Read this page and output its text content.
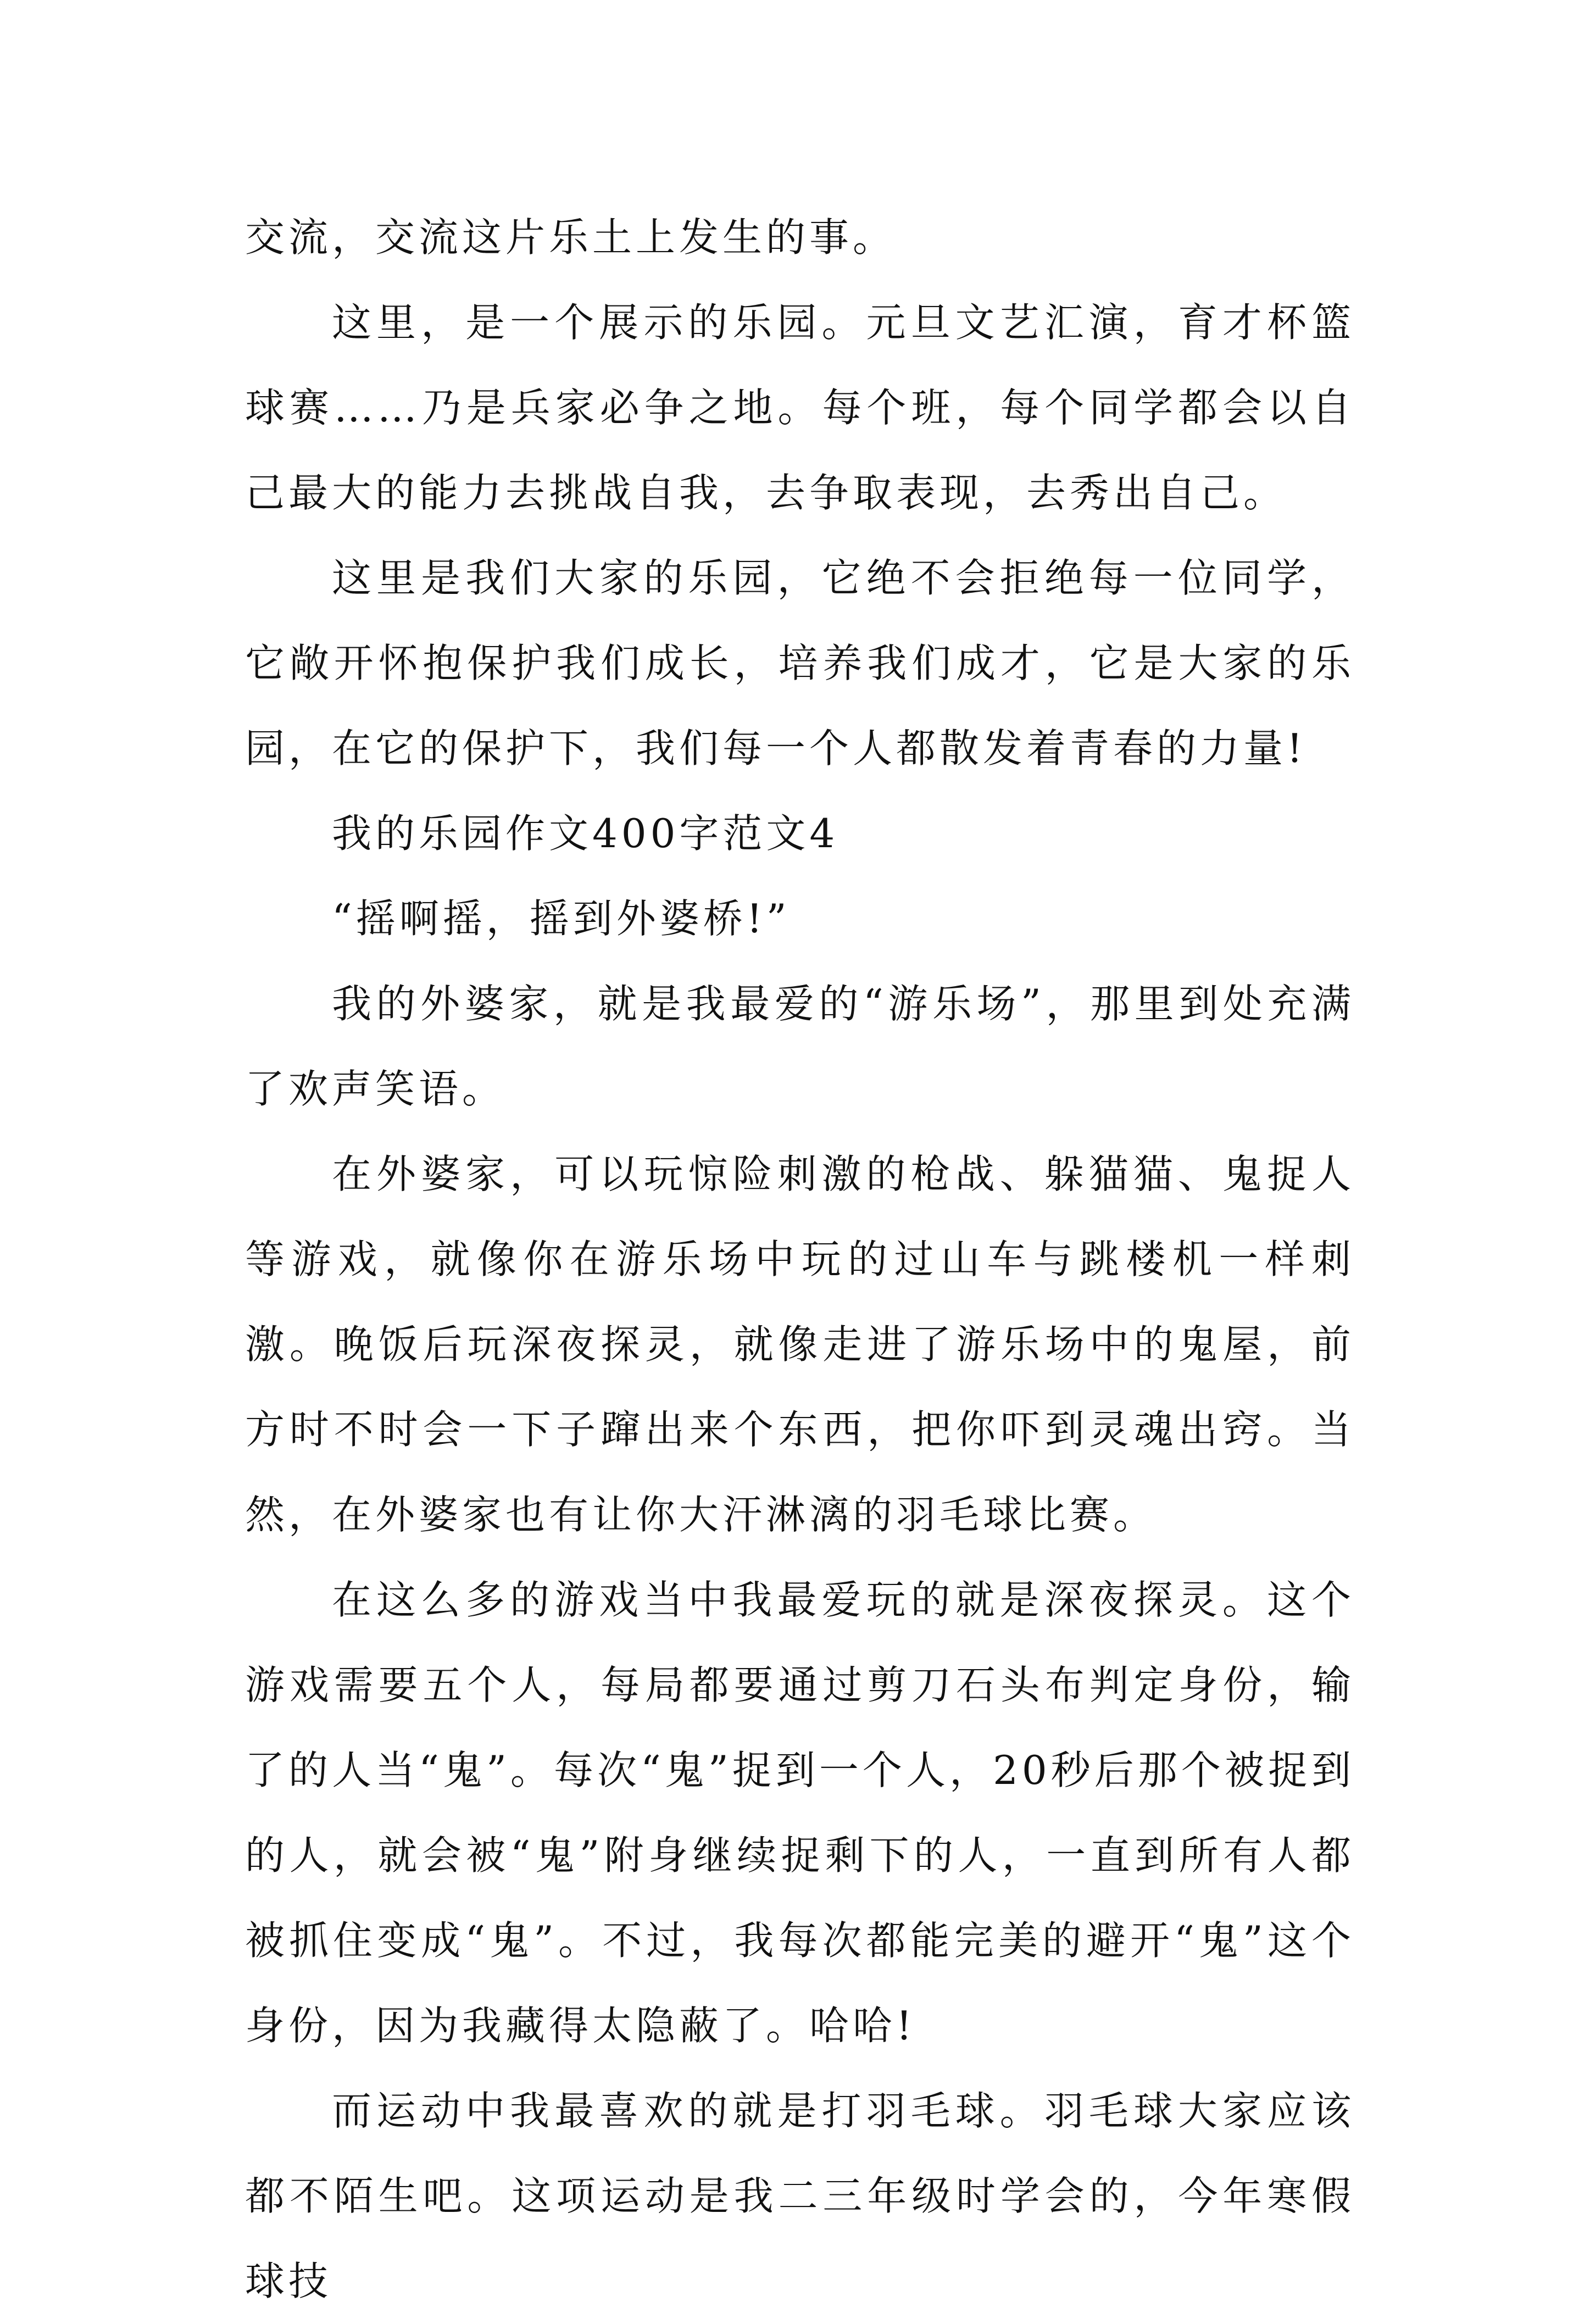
交流，交流这片乐土上发生的事。

这里，是一个展示的乐园。元旦文艺汇演，育才杯篮球赛……乃是兵家必争之地。每个班，每个同学都会以自己最大的能力去挑战自我，去争取表现，去秀出自己。

这里是我们大家的乐园，它绝不会拒绝每一位同学，它敞开怀抱保护我们成长，培养我们成才，它是大家的乐园，在它的保护下，我们每一个人都散发着青春的力量!

我的乐园作文400字范文4

“摇啊摇，摇到外婆桥!”

我的外婆家，就是我最爱的“游乐场”，那里到处充满了欢声笑语。

在外婆家，可以玩惊险刺激的枪战、躲猫猫、鬼捉人等游戏，就像你在游乐场中玩的过山车与跳楼机一样刺激。晚饭后玩深夜探灵，就像走进了游乐场中的鬼屋，前方时不时会一下子蹿出来个东西，把你吓到灵魂出窍。当然，在外婆家也有让你大汗淋漓的羽毛球比赛。

在这么多的游戏当中我最爱玩的就是深夜探灵。这个游戏需要五个人，每局都要通过剪刀石头布判定身份，输了的人当“鬼”。每次“鬼”捉到一个人，20秒后那个被捉到的人，就会被“鬼”附身继续捉剩下的人，一直到所有人都被抓住变成“鬼”。不过，我每次都能完美的避开“鬼”这个身份，因为我藏得太隐蔽了。哈哈!

而运动中我最喜欢的就是打羽毛球。羽毛球大家应该都不陌生吧。这项运动是我二三年级时学会的，今年寒假球技
